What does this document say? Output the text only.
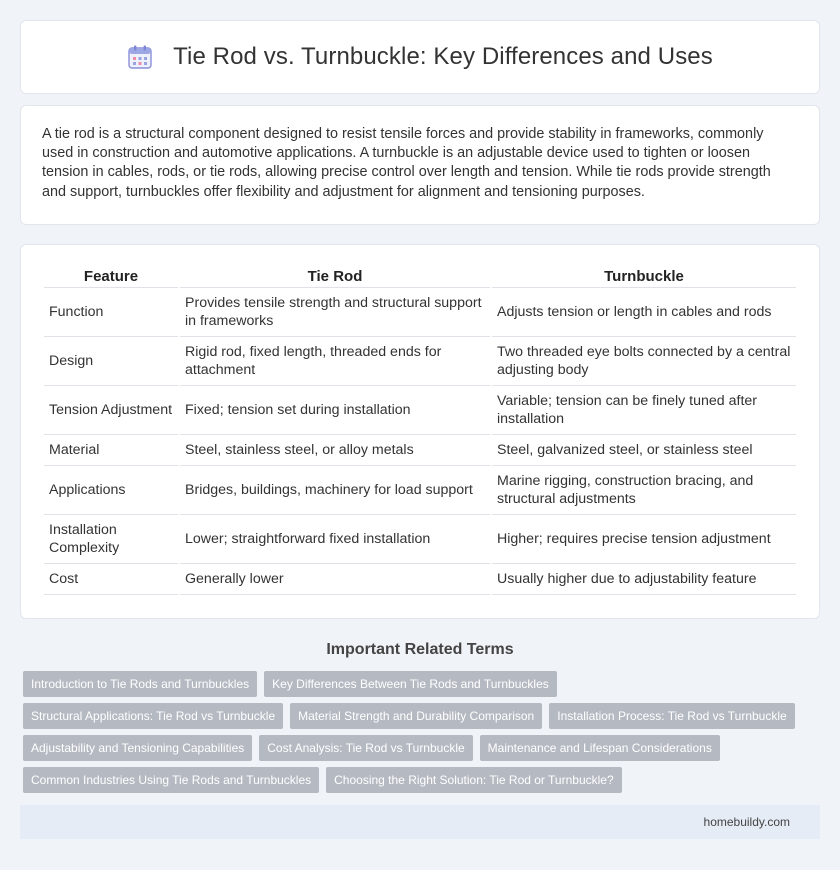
Tie Rod vs. Turnbuckle: Key Differences and Uses

A tie rod is a structural component designed to resist tensile forces and provide stability in frameworks, commonly used in construction and automotive applications. A turnbuckle is an adjustable device used to tighten or loosen tension in cables, rods, or tie rods, allowing precise control over length and tension. While tie rods provide strength and support, turnbuckles offer flexibility and adjustment for alignment and tensioning purposes.

Feature	Tie Rod	Turnbuckle
Function	Provides tensile strength and structural support in frameworks	Adjusts tension or length in cables and rods
Design	Rigid rod, fixed length, threaded ends for attachment	Two threaded eye bolts connected by a central adjusting body
Tension Adjustment	Fixed; tension set during installation	Variable; tension can be finely tuned after installation
Material	Steel, stainless steel, or alloy metals	Steel, galvanized steel, or stainless steel
Applications	Bridges, buildings, machinery for load support	Marine rigging, construction bracing, and structural adjustments
Installation Complexity	Lower; straightforward fixed installation	Higher; requires precise tension adjustment
Cost	Generally lower	Usually higher due to adjustability feature
Important Related Terms
Introduction to Tie Rods and Turnbuckles	Key Differences Between Tie Rods and Turnbuckles
Structural Applications: Tie Rod vs Turnbuckle	Material Strength and Durability Comparison	Installation Process: Tie Rod vs Turnbuckle
Adjustability and Tensioning Capabilities	Cost Analysis: Tie Rod vs Turnbuckle	Maintenance and Lifespan Considerations
Common Industries Using Tie Rods and Turnbuckles	Choosing the Right Solution: Tie Rod or Turnbuckle?
homebuildy.com
